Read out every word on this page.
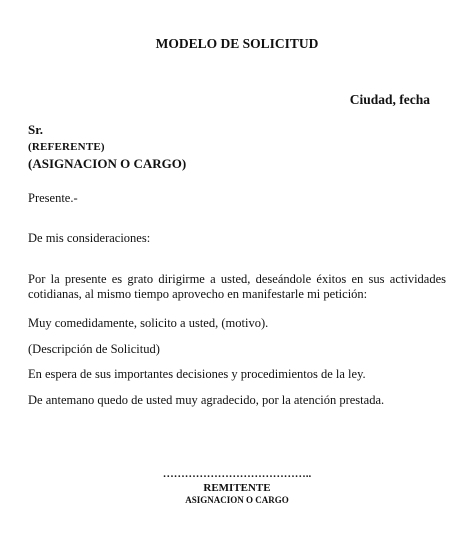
MODELO DE SOLICITUD

Ciudad, fecha

Sr.

(REFERENTE)

(ASIGNACION O CARGO)

Presente.-

De mis consideraciones:

Por la presente es grato dirigirme a usted, deseándole éxitos en sus actividades cotidianas, al mismo tiempo aprovecho en manifestarle mi petición:

Muy comedidamente, solicito a usted, (motivo).

(Descripción de Solicitud)

En espera de sus importantes decisiones y procedimientos de la ley.

De antemano quedo de usted muy agradecido, por la atención prestada.

…………………………………..

REMITENTE

ASIGNACION O CARGO
